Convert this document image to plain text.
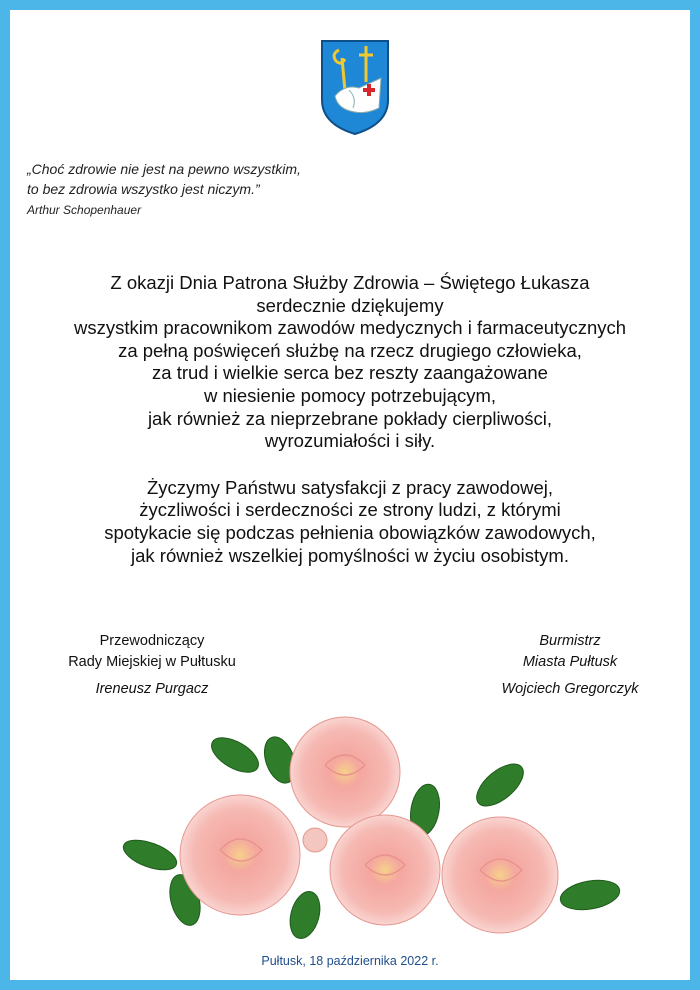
„Choć zdrowie nie jest na pewno wszystkim,
to bez zdrowia wszystko jest niczym.”
Arthur Schopenhauer

Z okazji Dnia Patrona Służby Zdrowia – Świętego Łukasza

serdecznie dziękujemy

wszystkim pracownikom zawodów medycznych i farmaceutycznych

za pełną poświęceń służbę na rzecz drugiego człowieka,

za trud i wielkie serca bez reszty zaangażowane

w niesienie pomocy potrzebującym,

jak również za nieprzebrane pokłady cierpliwości,

wyrozumiałości i siły.

Życzymy Państwu satysfakcji z pracy zawodowej,

życzliwości i serdeczności ze strony ludzi, z którymi

spotykacie się podczas pełnienia obowiązków zawodowych,

jak również wszelkiej pomyślności w życiu osobistym.

Przewodniczący
Rady Miejskiej w Pułtusku
Ireneusz Purgacz
Burmistrz
Miasta Pułtusk
Wojciech Gregorczyk
Pułtusk, 18 października 2022 r.
